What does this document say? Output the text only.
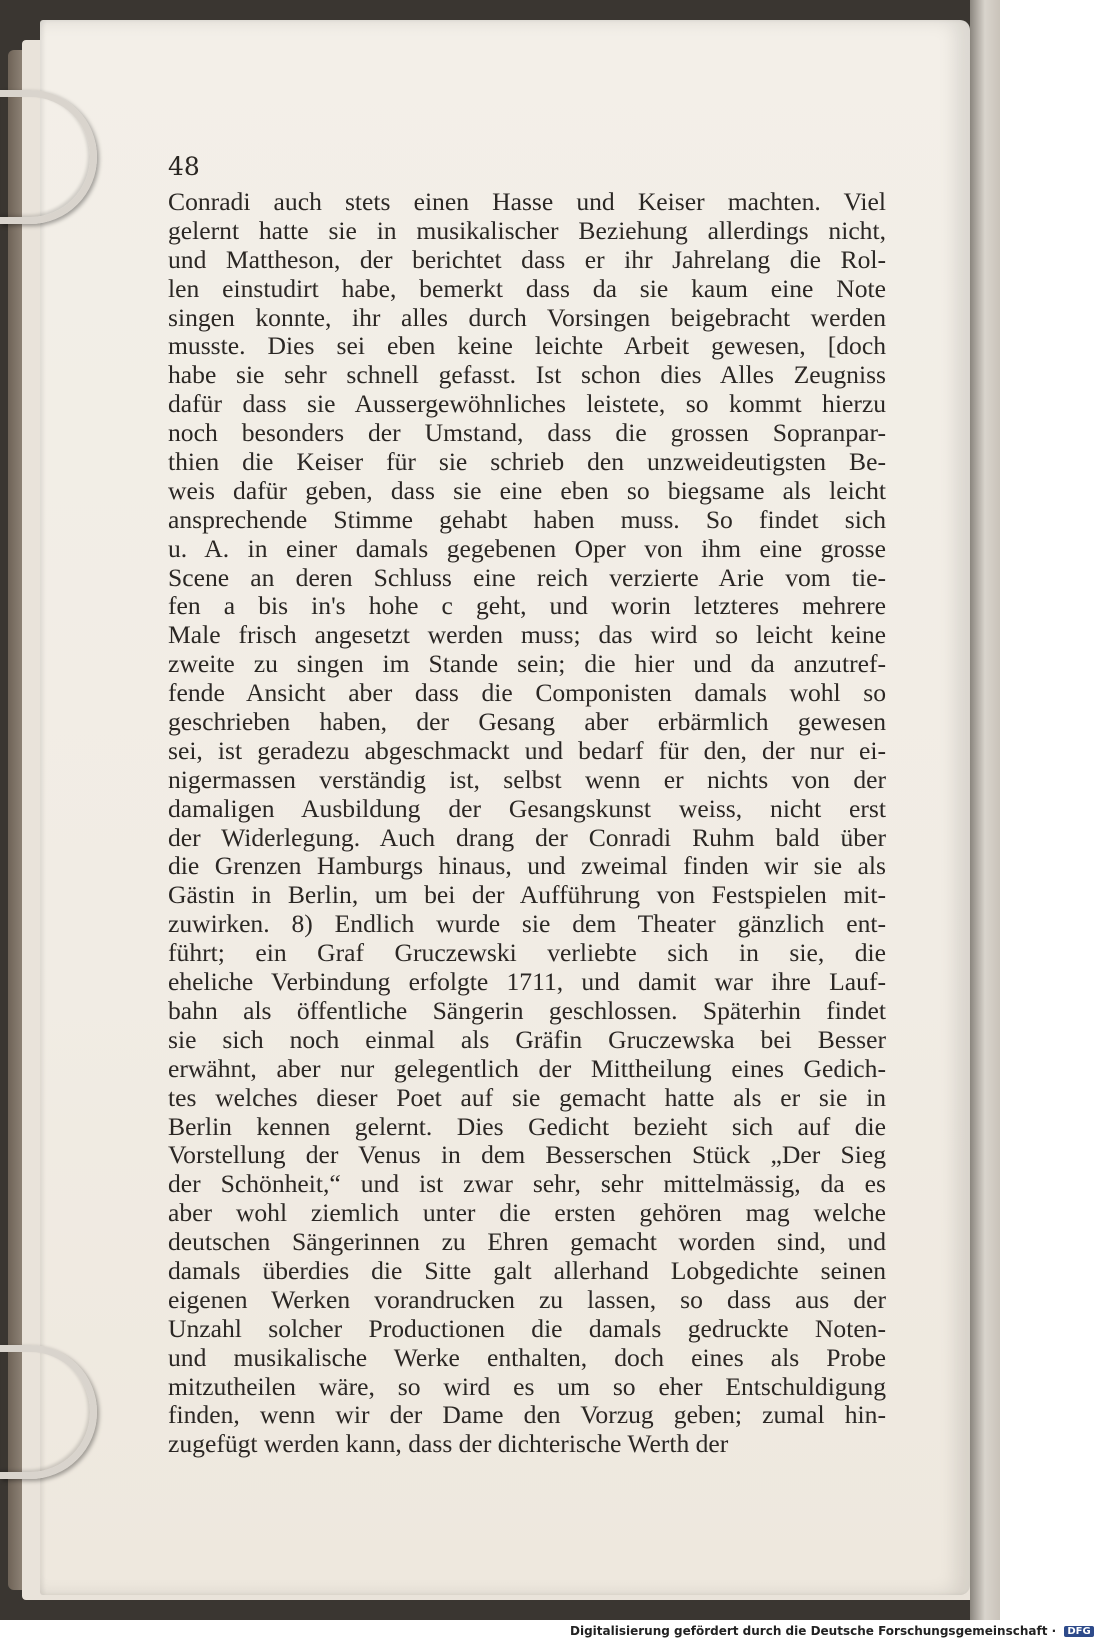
48
Conradi auch stets einen Hasse und Keiser machten. Viel
gelernt hatte sie in musikalischer Beziehung allerdings nicht,
und Mattheson, der berichtet dass er ihr Jahrelang die Rol-
len einstudirt habe, bemerkt dass da sie kaum eine Note
singen konnte, ihr alles durch Vorsingen beigebracht werden
musste. Dies sei eben keine leichte Arbeit gewesen, [doch
habe sie sehr schnell gefasst. Ist schon dies Alles Zeugniss
dafür dass sie Aussergewöhnliches leistete, so kommt hierzu
noch besonders der Umstand, dass die grossen Sopranpar-
thien die Keiser für sie schrieb den unzweideutigsten Be-
weis dafür geben, dass sie eine eben so biegsame als leicht
ansprechende Stimme gehabt haben muss. So findet sich
u. A. in einer damals gegebenen Oper von ihm eine grosse
Scene an deren Schluss eine reich verzierte Arie vom tie-
fen a bis in's hohe c geht, und worin letzteres mehrere
Male frisch angesetzt werden muss; das wird so leicht keine
zweite zu singen im Stande sein; die hier und da anzutref-
fende Ansicht aber dass die Componisten damals wohl so
geschrieben haben, der Gesang aber erbärmlich gewesen
sei, ist geradezu abgeschmackt und bedarf für den, der nur ei-
nigermassen verständig ist, selbst wenn er nichts von der
damaligen Ausbildung der Gesangskunst weiss, nicht erst
der Widerlegung. Auch drang der Conradi Ruhm bald über
die Grenzen Hamburgs hinaus, und zweimal finden wir sie als
Gästin in Berlin, um bei der Aufführung von Festspielen mit-
zuwirken. 8) Endlich wurde sie dem Theater gänzlich ent-
führt; ein Graf Gruczewski verliebte sich in sie, die
eheliche Verbindung erfolgte 1711, und damit war ihre Lauf-
bahn als öffentliche Sängerin geschlossen. Späterhin findet
sie sich noch einmal als Gräfin Gruczewska bei Besser
erwähnt, aber nur gelegentlich der Mittheilung eines Gedich-
tes welches dieser Poet auf sie gemacht hatte als er sie in
Berlin kennen gelernt. Dies Gedicht bezieht sich auf die
Vorstellung der Venus in dem Besserschen Stück „Der Sieg
der Schönheit,“ und ist zwar sehr, sehr mittelmässig, da es
aber wohl ziemlich unter die ersten gehören mag welche
deutschen Sängerinnen zu Ehren gemacht worden sind, und
damals überdies die Sitte galt allerhand Lobgedichte seinen
eigenen Werken vorandrucken zu lassen, so dass aus der
Unzahl solcher Productionen die damals gedruckte Noten-
und musikalische Werke enthalten, doch eines als Probe
mitzutheilen wäre, so wird es um so eher Entschuldigung
finden, wenn wir der Dame den Vorzug geben; zumal hin-
zugefügt werden kann, dass der dichterische Werth der
Digitalisierung gefördert durch die Deutsche Forschungsgemeinschaft · DFG
